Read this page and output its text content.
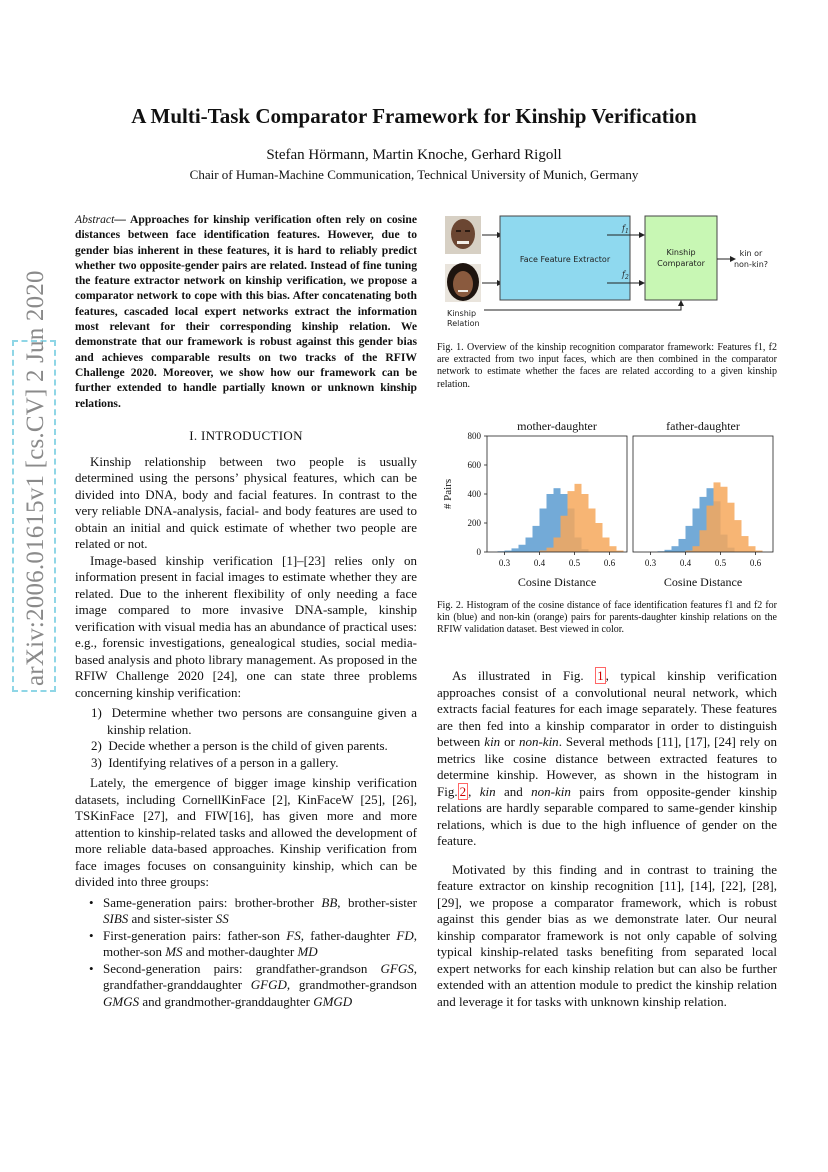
arXiv:2006.01615v1 [cs.CV] 2 Jun 2020
A Multi-Task Comparator Framework for Kinship Verification
Stefan Hörmann, Martin Knoche, Gerhard Rigoll
Chair of Human-Machine Communication, Technical University of Munich, Germany

Abstract— Approaches for kinship verification often rely on cosine distances between face identification features. However, due to gender bias inherent in these features, it is hard to reliably predict whether two opposite-gender pairs are related. Instead of fine tuning the feature extractor network on kinship verification, we propose a comparator network to cope with this bias. After concatenating both features, cascaded local expert networks extract the information most relevant for their corresponding kinship relation. We demonstrate that our framework is robust against this gender bias and achieves comparable results on two tracks of the RFIW Challenge 2020. Moreover, we show how our framework can be further extended to handle partially known or unknown kinship relations.

I. INTRODUCTION

Kinship relationship between two people is usually determined using the persons’ physical features, which can be divided into DNA, body and facial features. In contrast to the very reliable DNA-analysis, facial- and body features are used to obtain an initial and quick estimate of whether two people are related or not.

Image-based kinship verification [1]–[23] relies only on information present in facial images to estimate whether they are related. Due to the inherent flexibility of only needing a face image compared to more invasive DNA-sample, kinship verification with visual media has an abundance of practical uses: e.g., forensic investigations, genealogical studies, social media-based analysis and photo library management. As proposed in the RFIW Challenge 2020 [24], one can state three problems concerning kinship verification:

1) Determine whether two persons are consanguine given a kinship relation.
2) Decide whether a person is the child of given parents.
3) Identifying relatives of a person in a gallery.

Lately, the emergence of bigger image kinship verification datasets, including CornellKinFace [2], KinFaceW [25], [26], TSKinFace [27], and FIW[16], has given more and more attention to kinship-related tasks and allowed the development of more reliable data-based approaches. Kinship verification from face images focuses on consanguinity kinship, which can be divided into three groups:

• Same-generation pairs: brother-brother BB, brother-sister SIBS and sister-sister SS
• First-generation pairs: father-son FS, father-daughter FD, mother-son MS and mother-daughter MD
• Second-generation pairs: grandfather-grandson GFGS, grandfather-granddaughter GFGD, grandmother-grandson GMGS and grandmother-granddaughter GMGD
Face Feature Extractor
$f_1$
$f_2$
Kinship
Comparator
kin or
non-kin?
Kinship
Relation
Fig. 1. Overview of the kinship recognition comparator framework: Features f1, f2 are extracted from two input faces, which are then combined in the comparator network to estimate whether the faces are related according to a given kinship relation.
mother-daughter
0.3	0.4	0.5	0.6
0
200
400
600
800
Cosine Distance
# Pairs
father-daughter
0.3	0.4	0.5	0.6
Cosine Distance
Fig. 2. Histogram of the cosine distance of face identification features f1 and f2 for kin (blue) and non-kin (orange) pairs for parents-daughter kinship relations on the RFIW validation dataset. Best viewed in color.

As illustrated in Fig. 1 , typical kinship verification approaches consist of a convolutional neural network, which extracts facial features for each image separately. These features are then fed into a kinship comparator in order to distinguish between kin or non-kin. Several methods [11], [17], [24] rely on metrics like cosine distance between extracted features to determine kinship. However, as shown in the histogram in Fig. 2 , kin and non-kin pairs from opposite-gender kinship relations are hardly separable compared to same-gender kinship relations, which is due to the high influence of gender on the feature.

Motivated by this finding and in contrast to training the feature extractor on kinship recognition [11], [14], [22], [28], [29], we propose a comparator framework, which is robust against this gender bias as we demonstrate later. Our neural kinship comparator framework is not only capable of solving typical kinship-related tasks benefiting from separated local expert networks for each kinship relation but can also be further extended with an attention module to predict the kinship relation and leverage it for tasks with unknown kinship relation.
